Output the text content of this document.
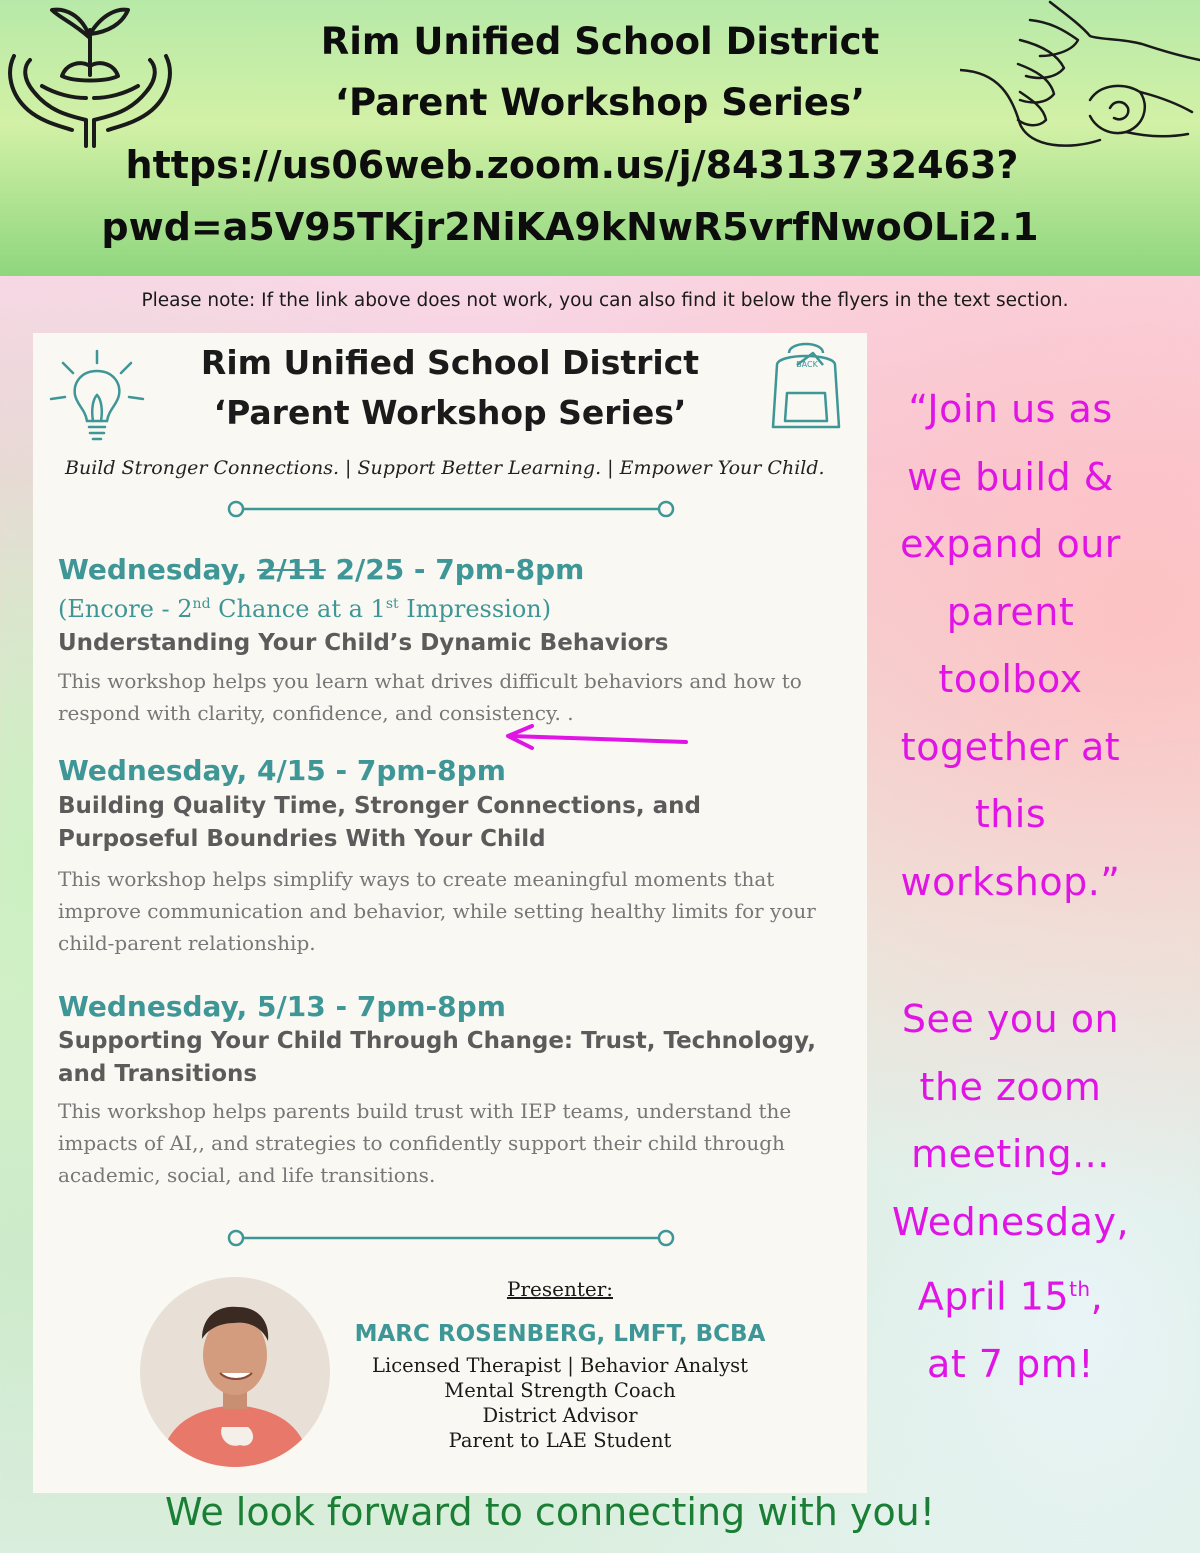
Rim Unified School District

‘Parent Workshop Series’

https://us06web.zoom.us/j/84313732463?

pwd=a5V95TKjr2NiKA9kNwR5vrfNwoOLi2.1

Please note: If the link above does not work, you can also find it below the flyers in the text section.

BACK

Rim Unified School District

‘Parent Workshop Series’

Build Stronger Connections. | Support Better Learning. | Empower Your Child.

Wednesday, 2/11 2/25 - 7pm-8pm

(Encore - 2nd Chance at a 1st Impression)

Understanding Your Child’s Dynamic Behaviors

This workshop helps you learn what drives difficult behaviors and how to respond with clarity, confidence, and consistency. .

Wednesday, 4/15 - 7pm-8pm

Building Quality Time, Stronger Connections, and Purposeful Boundries With Your Child

This workshop helps simplify ways to create meaningful moments that improve communication and behavior, while setting healthy limits for your child-parent relationship.

Wednesday, 5/13 - 7pm-8pm

Supporting Your Child Through Change: Trust, Technology, and Transitions

This workshop helps parents build trust with IEP teams, understand the impacts of AI,, and strategies to confidently support their child through academic, social, and life transitions.

Presenter:

MARC ROSENBERG, LMFT, BCBA

Licensed Therapist | Behavior Analyst
Mental Strength Coach
District Advisor
Parent to LAE Student
“Join us as
we build &
expand our
parent
toolbox
together at
this
workshop.”
See you on
the zoom
meeting...
Wednesday,
April 15th,
at 7 pm!

We look forward to connecting with you!
